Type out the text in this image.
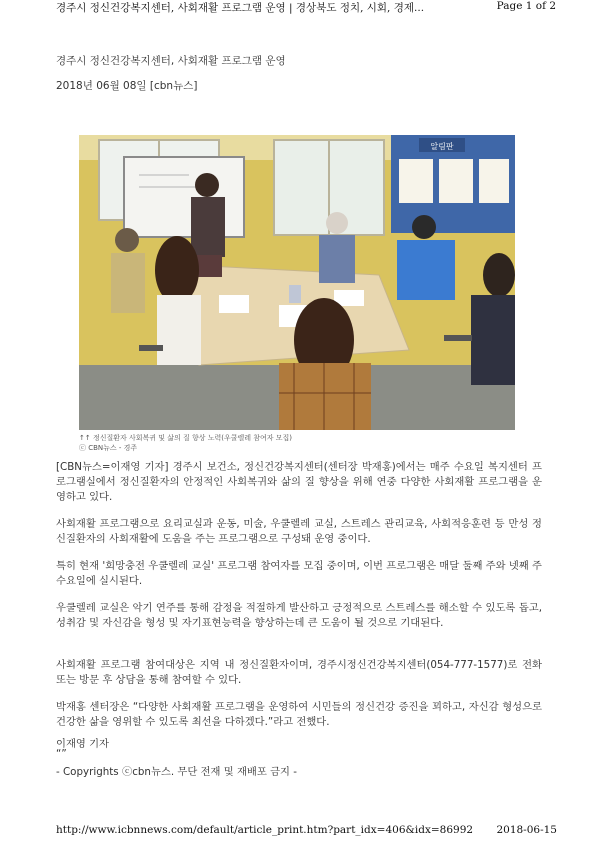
경주시 정신건강복지센터, 사회재활 프로그램 운영 | 경상북도 정치, 시회, 경제...	Page 1 of 2
경주시 정신건강복지센터, 사회재활 프로그램 운영
2018년 06월 08일 [cbn뉴스]
알림판
↑↑ 정신질환자 사회복귀 및 삶의 질 향상 노력(우쿨렐레 참여자 모집)
ⓒ CBN뉴스 - 경주

[CBN뉴스=이재영 기자] 경주시 보건소, 정신건강복지센터(센터장 박재홍)에서는 매주 수요일 복지센터 프로그램실에서 정신질환자의 안정적인 사회복귀와 삶의 질 향상을 위해 연중 다양한 사회재활 프로그램을 운영하고 있다.

사회재활 프로그램으로 요리교실과 운동, 미술, 우쿨렐레 교실, 스트레스 관리교육, 사회적응훈련 등 만성 정신질환자의 사회재활에 도움을 주는 프로그램으로 구성돼 운영 중이다.

특히 현재 '희망충전 우쿨렐레 교실' 프로그램 참여자를 모집 중이며, 이번 프로그램은 매달 둘째 주와 넷째 주 수요일에 실시된다.

우쿨렐레 교실은 악기 연주를 통해 감정을 적절하게 발산하고 긍정적으로 스트레스를 해소할 수 있도록 돕고, 성취감 및 자신감을 형성 및 자기표현능력을 향상하는데 큰 도움이 될 것으로 기대된다.

사회재활 프로그램 참여대상은 지역 내 정신질환자이며, 경주시정신건강복지센터(054-777-1577)로 전화 또는 방문 후 상담을 통해 참여할 수 있다.

박재홍 센터장은 “다양한 사회재활 프로그램을 운영하여 시민들의 정신건강 증진을 꾀하고, 자신감 형성으로 건강한 삶을 영위할 수 있도록 최선을 다하겠다.”라고 전했다.

이재영 기자
“”
- Copyrights ⓒcbn뉴스. 무단 전재 및 재배포 금지 -
http://www.icbnnews.com/default/article_print.htm?part_idx=406&idx=86992 2018-06-15
